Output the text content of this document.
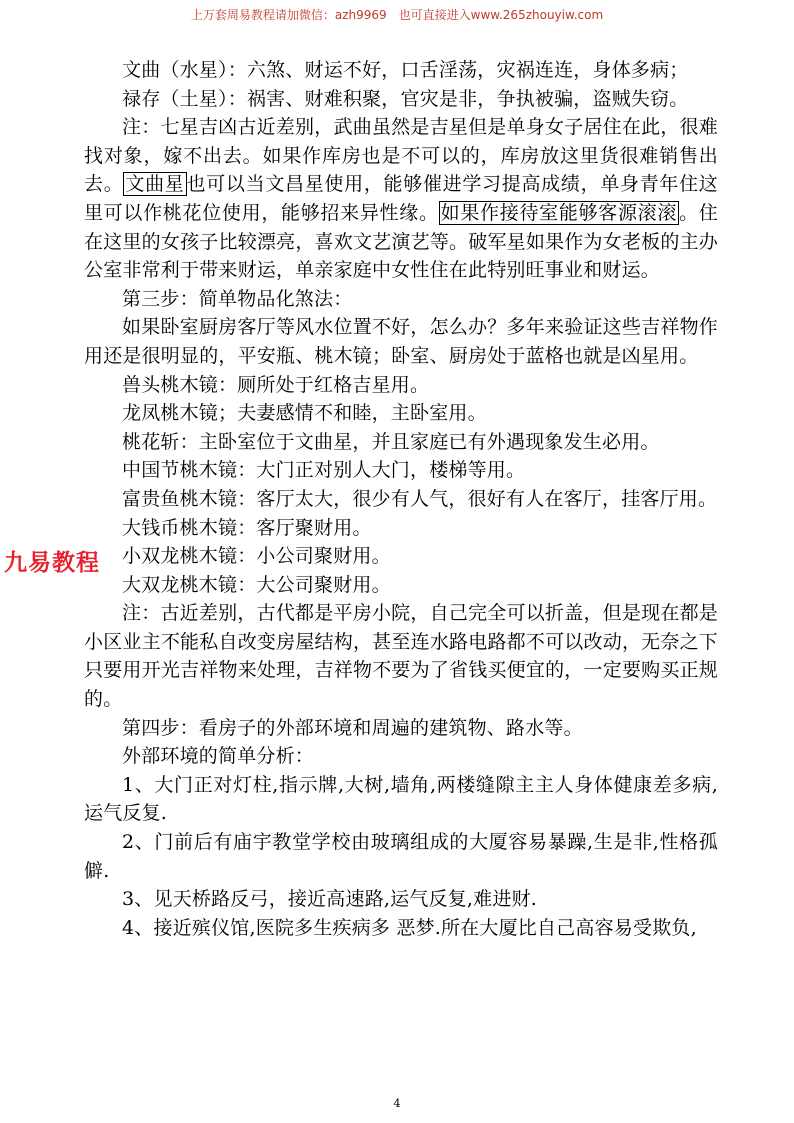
上万套周易教程请加微信：azh9969　也可直接进入www.265zhouyiw.com
九易教程

文曲（水星）：六煞、财运不好，口舌淫荡，灾祸连连，身体多病；

禄存（土星）：祸害、财难积聚，官灾是非，争执被骗，盗贼失窃。

注：七星吉凶古近差别，武曲虽然是吉星但是单身女子居住在此，很难找对象，嫁不出去。如果作库房也是不可以的，库房放这里货很难销售出去。 文曲星 也可以当文昌星使用，能够催进学习提高成绩，单身青年住这里可以作桃花位使用，能够招来异性缘。 如果作接待室能够客源滚滚 。住在这里的女孩子比较漂亮，喜欢文艺演艺等。破军星如果作为女老板的主办公室非常利于带来财运，单亲家庭中女性住在此特别旺事业和财运。

第三步：简单物品化煞法：

如果卧室厨房客厅等风水位置不好，怎么办？多年来验证这些吉祥物作用还是很明显的，平安瓶、桃木镜；卧室、厨房处于蓝格也就是凶星用。

兽头桃木镜：厕所处于红格吉星用。

龙凤桃木镜；夫妻感情不和睦，主卧室用。

桃花斩：主卧室位于文曲星，并且家庭已有外遇现象发生必用。

中国节桃木镜：大门正对别人大门，楼梯等用。

富贵鱼桃木镜：客厅太大，很少有人气，很好有人在客厅，挂客厅用。

大钱币桃木镜：客厅聚财用。

小双龙桃木镜：小公司聚财用。

大双龙桃木镜：大公司聚财用。

注：古近差别，古代都是平房小院，自己完全可以折盖，但是现在都是小区业主不能私自改变房屋结构，甚至连水路电路都不可以改动，无奈之下只要用开光吉祥物来处理，吉祥物不要为了省钱买便宜的，一定要购买正规的。

第四步：看房子的外部环境和周遍的建筑物、路水等。

外部环境的简单分析：

1、大门正对灯柱,指示牌,大树,墙角,两楼缝隙主主人身体健康差多病,运气反复.

2、门前后有庙宇教堂学校由玻璃组成的大厦容易暴躁,生是非,性格孤僻.

3、见天桥路反弓，接近高速路,运气反复,难进财.

4、接近殡仪馆,医院多生疾病多 恶梦.所在大厦比自己高容易受欺负,

4
